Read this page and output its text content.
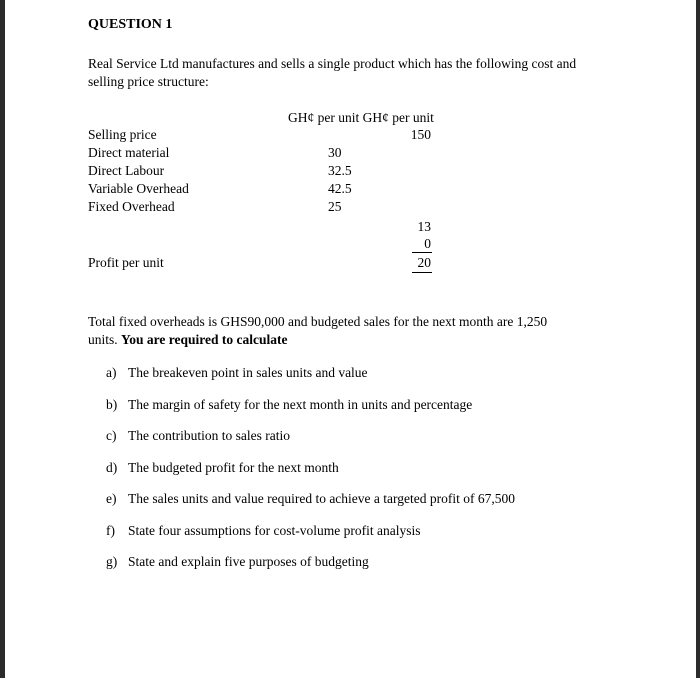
QUESTION 1
Real Service Ltd manufactures and sells a single product which has the following cost and selling price structure:
GH¢ per unit GH¢ per unit
Selling price
Direct material
Direct Labour
Variable Overhead
Fixed Overhead
150
30
32.5
42.5
25
13
0
Profit per unit	20
Total fixed overheads is GHS90,000 and budgeted sales for the next month are 1,250 units. You are required to calculate
a) The breakeven point in sales units and value
b) The margin of safety for the next month in units and percentage
c) The contribution to sales ratio
d) The budgeted profit for the next month
e) The sales units and value required to achieve a targeted profit of 67,500
f) State four assumptions for cost-volume profit analysis
g) State and explain five purposes of budgeting
